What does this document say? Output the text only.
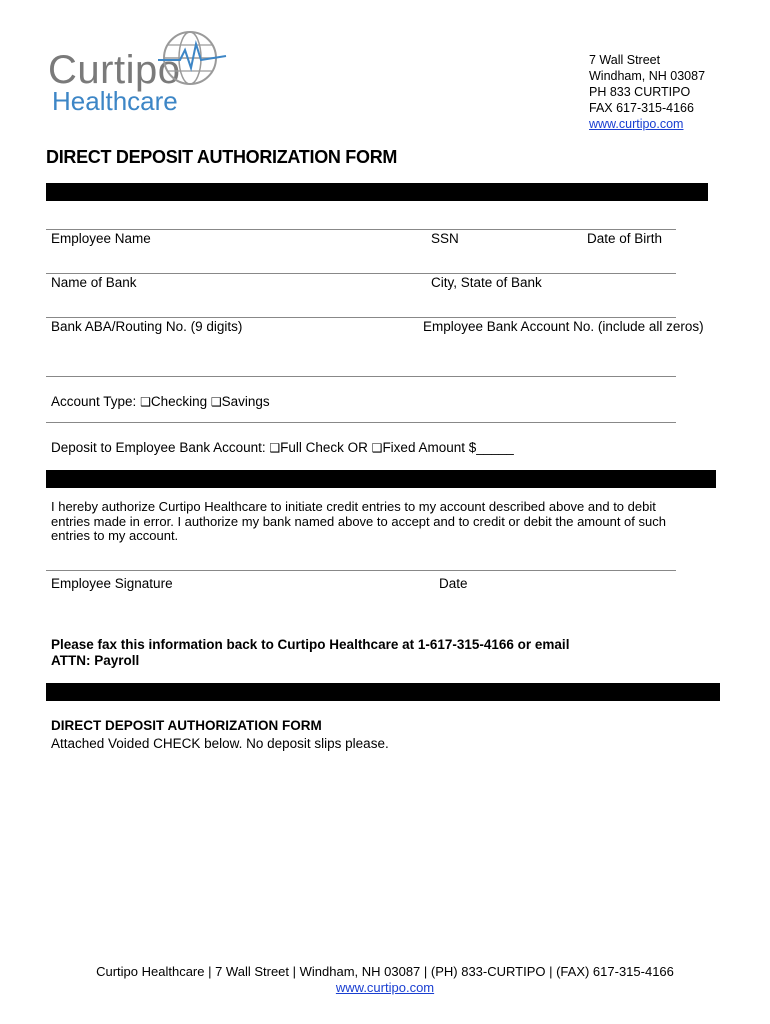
Curtipo
Healthcare
7 Wall Street
Windham, NH 03087
PH 833 CURTIPO
FAX 617-315-4166
www.curtipo.com
DIRECT DEPOSIT AUTHORIZATION FORM
Employee Name	SSN	Date of Birth
Name of Bank	City, State of Bank
Bank ABA/Routing No. (9 digits)	Employee Bank Account No. (include all zeros)
Account Type: ❑Checking ❑Savings
Deposit to Employee Bank Account: ❑Full Check OR ❑Fixed Amount $_____
I hereby authorize Curtipo Healthcare to initiate credit entries to my account described above and to debit entries made in error. I authorize my bank named above to accept and to credit or debit the amount of such entries to my account.
Employee Signature	Date
Please fax this information back to Curtipo Healthcare at 1-617-315-4166 or email
ATTN: Payroll
DIRECT DEPOSIT AUTHORIZATION FORM
Attached Voided CHECK below. No deposit slips please.
Curtipo Healthcare | 7 Wall Street | Windham, NH 03087 | (PH) 833-CURTIPO | (FAX) 617-315-4166
www.curtipo.com
